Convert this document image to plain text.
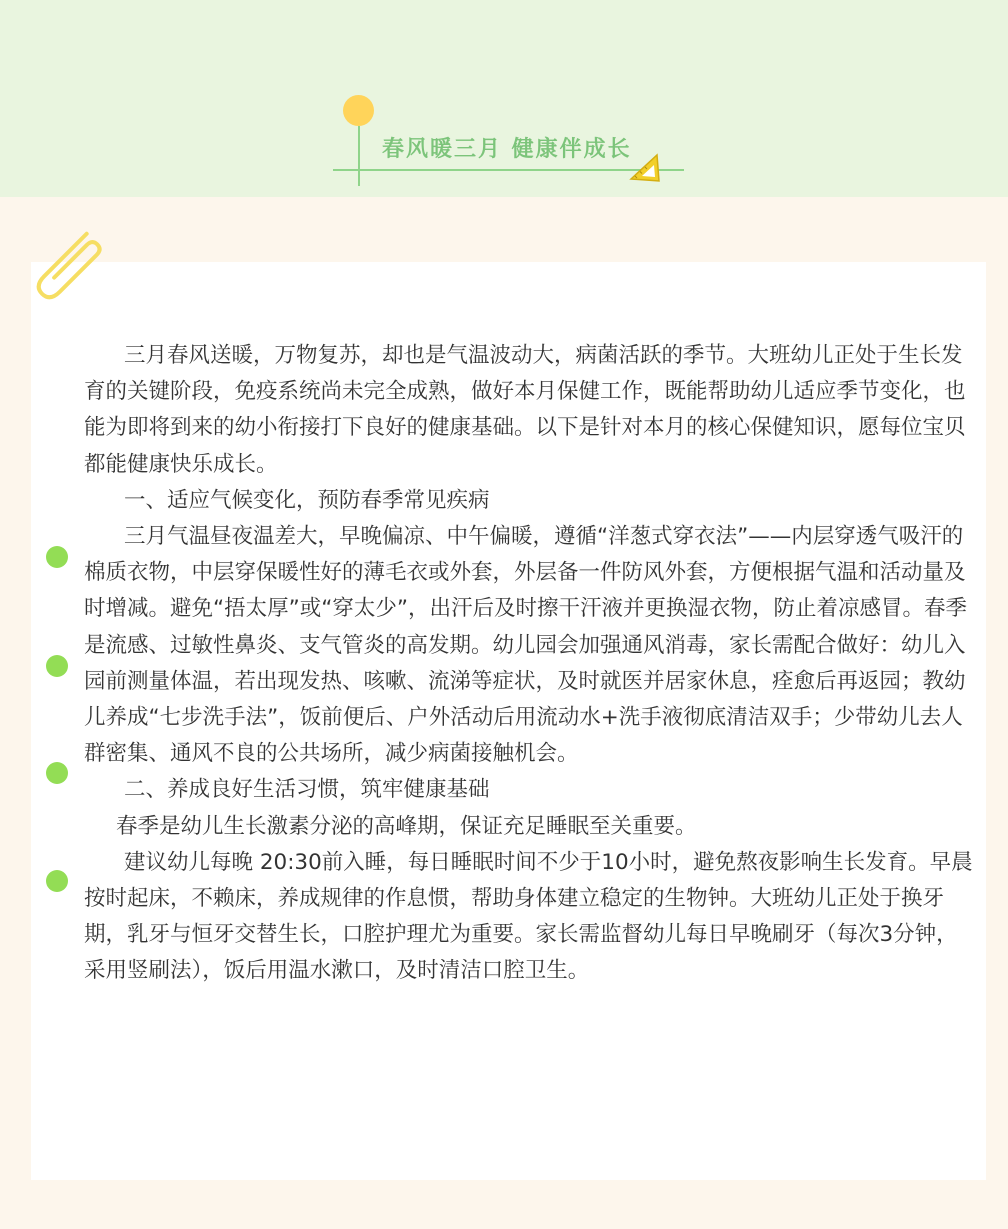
春风暖三月 健康伴成长

三月春风送暖，万物复苏，却也是气温波动大，病菌活跃的季节。大班幼儿正处于生长发育的关键阶段，免疫系统尚未完全成熟，做好本月保健工作，既能帮助幼儿适应季节变化，也能为即将到来的幼小衔接打下良好的健康基础。以下是针对本月的核心保健知识，愿每位宝贝都能健康快乐成长。

一、适应气候变化，预防春季常见疾病

三月气温昼夜温差大，早晚偏凉、中午偏暖，遵循“洋葱式穿衣法”——内层穿透气吸汗的棉质衣物，中层穿保暖性好的薄毛衣或外套，外层备一件防风外套，方便根据气温和活动量及时增减。避免“捂太厚”或“穿太少”，出汗后及时擦干汗液并更换湿衣物，防止着凉感冒。春季是流感、过敏性鼻炎、支气管炎的高发期。幼儿园会加强通风消毒，家长需配合做好：幼儿入园前测量体温，若出现发热、咳嗽、流涕等症状，及时就医并居家休息，痊愈后再返园；教幼儿养成“七步洗手法”，饭前便后、户外活动后用流动水+洗手液彻底清洁双手；少带幼儿去人群密集、通风不良的公共场所，减少病菌接触机会。

二、养成良好生活习惯，筑牢健康基础

春季是幼儿生长激素分泌的高峰期，保证充足睡眠至关重要。

建议幼儿每晚 20:30前入睡，每日睡眠时间不少于10小时，避免熬夜影响生长发育。早晨按时起床，不赖床，养成规律的作息惯，帮助身体建立稳定的生物钟。大班幼儿正处于换牙期，乳牙与恒牙交替生长，口腔护理尤为重要。家长需监督幼儿每日早晚刷牙（每次3分钟，采用竖刷法），饭后用温水漱口，及时清洁口腔卫生。
